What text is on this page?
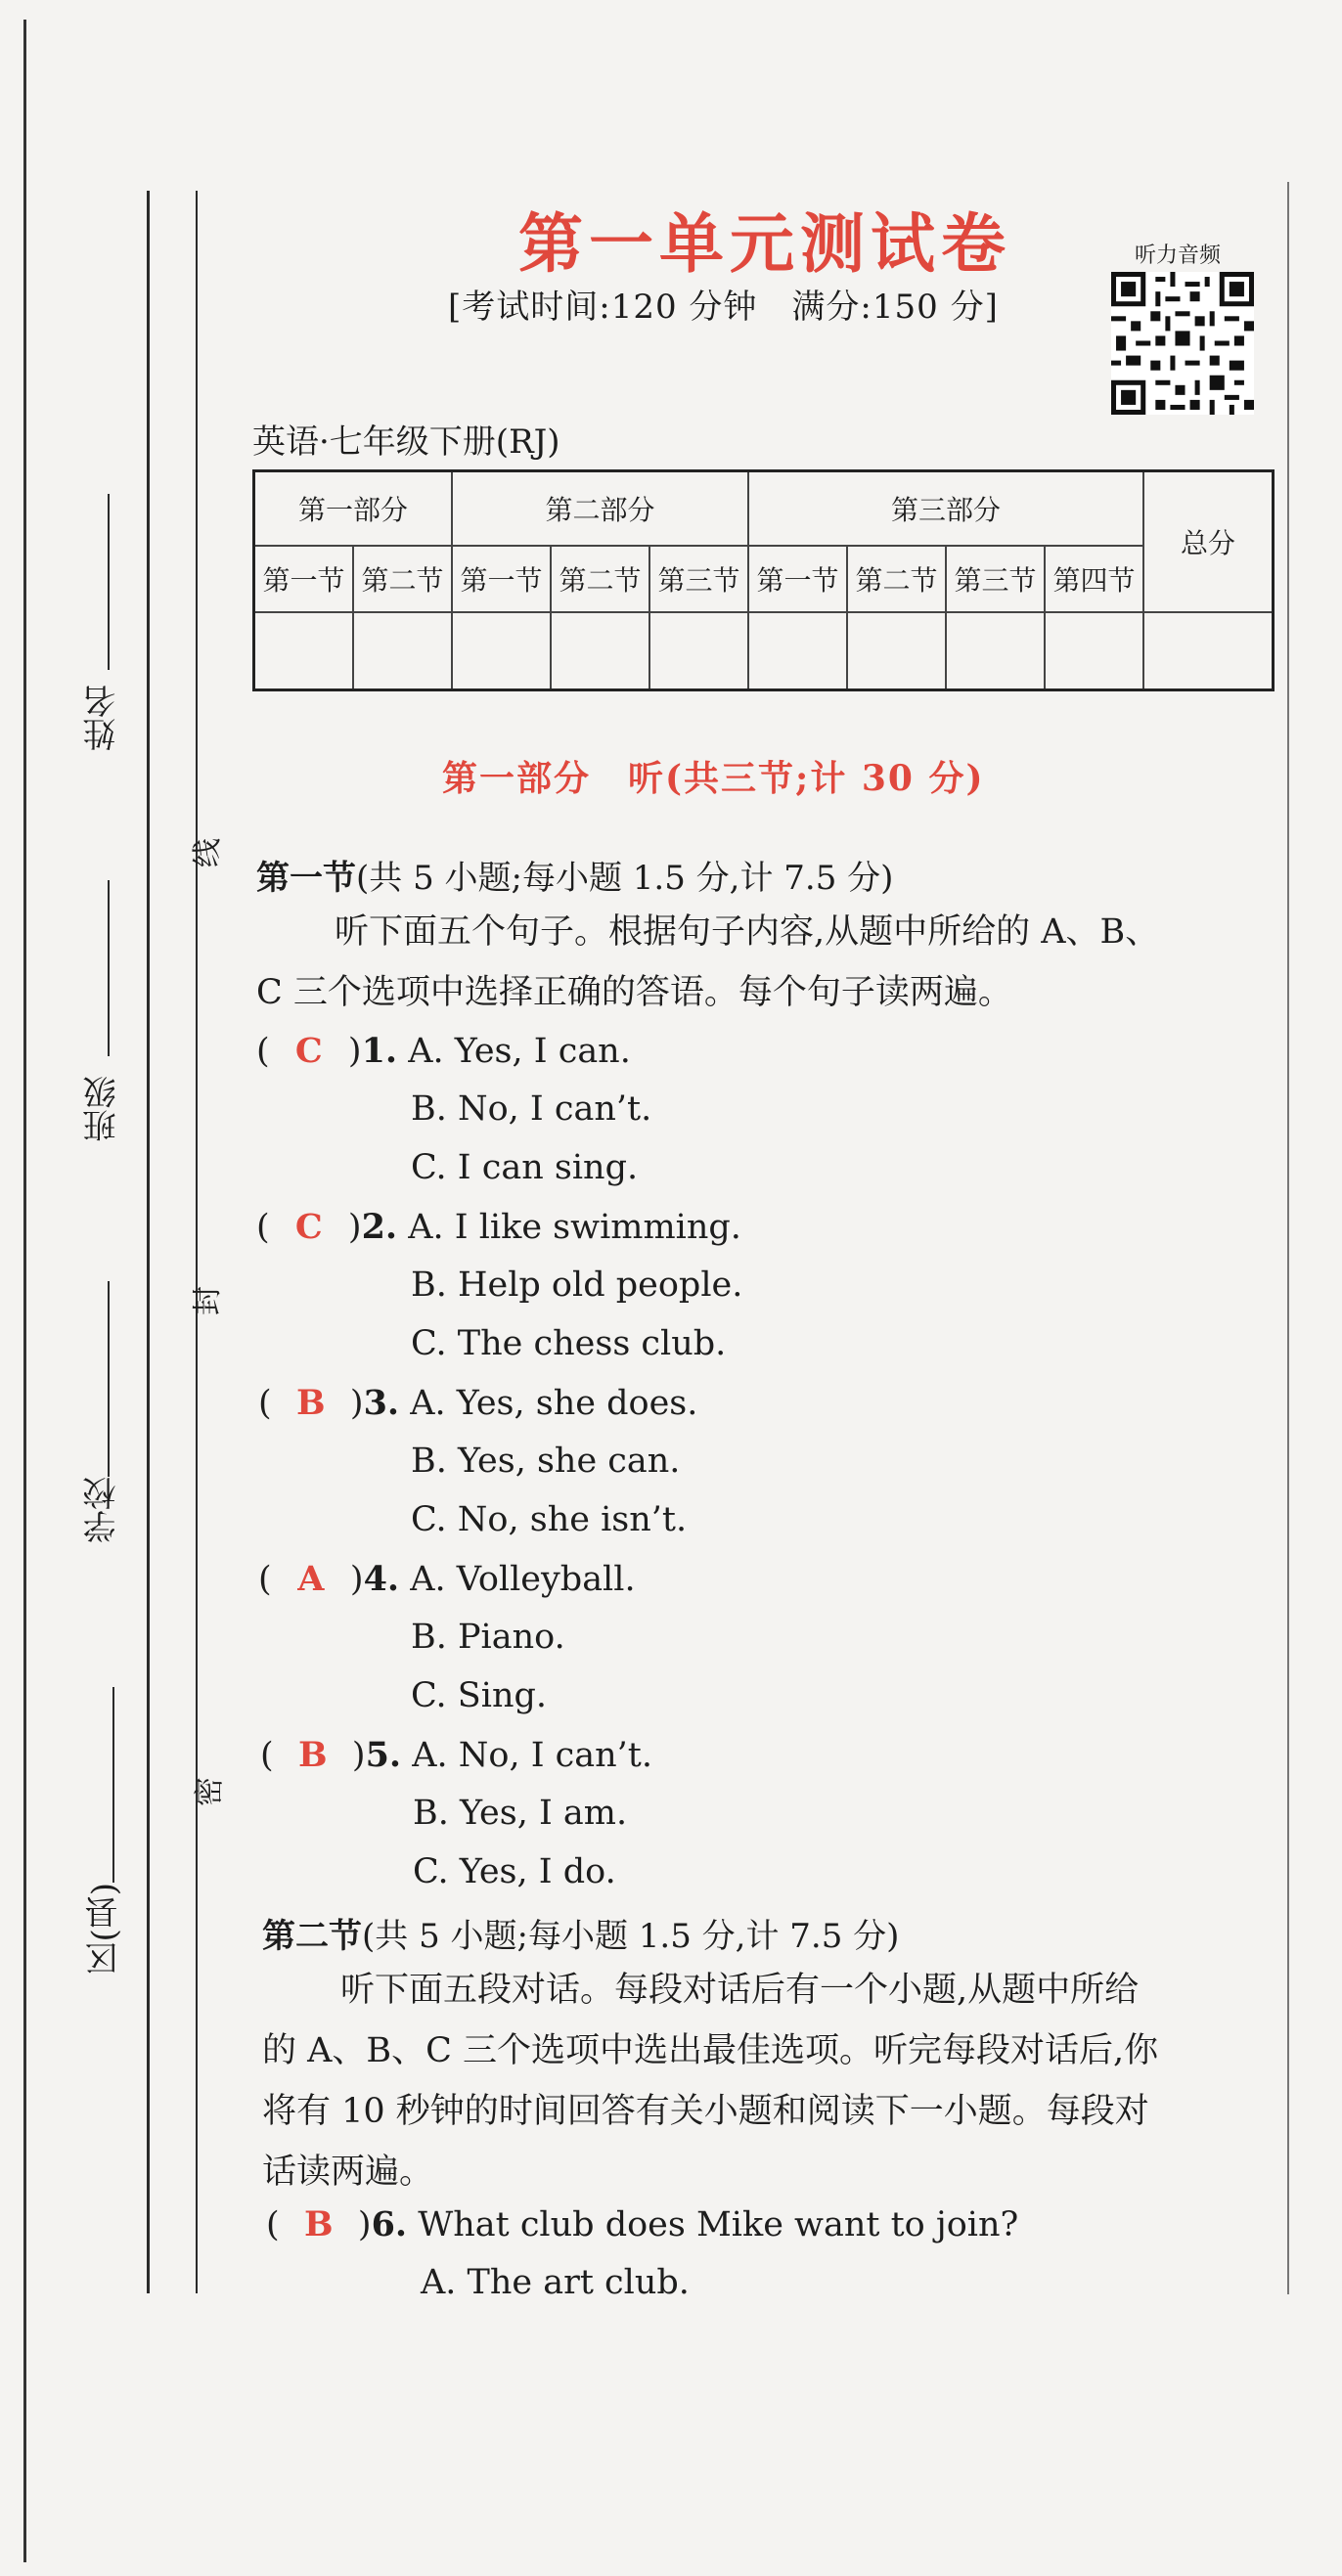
姓名
班级
学校
区(县)
线
封
密
第一单元测试卷
[考试时间:120 分钟　满分:150 分]
听力音频
英语·七年级下册(RJ)
第一部分		第二部分			第三部分				总分
第一节	第二节	第一节	第二节	第三节	第一节	第二节	第三节	第四节	

第一部分　听(共三节;计 30 分)
第一节(共 5 小题;每小题 1.5 分,计 7.5 分)
听下面五个句子。根据句子内容,从题中所给的 A、B、
C 三个选项中选择正确的答语。每个句子读两遍。
( C )1. A. Yes, I can.
B. No, I can’t.
C. I can sing.
( C )2. A. I like swimming.
B. Help old people.
C. The chess club.
( B )3. A. Yes, she does.
B. Yes, she can.
C. No, she isn’t.
( A )4. A. Volleyball.
B. Piano.
C. Sing.
( B )5. A. No, I can’t.
B. Yes, I am.
C. Yes, I do.
第二节(共 5 小题;每小题 1.5 分,计 7.5 分)
听下面五段对话。每段对话后有一个小题,从题中所给
的 A、B、C 三个选项中选出最佳选项。听完每段对话后,你
将有 10 秒钟的时间回答有关小题和阅读下一小题。每段对
话读两遍。
( B )6. What club does Mike want to join?
A. The art club.
